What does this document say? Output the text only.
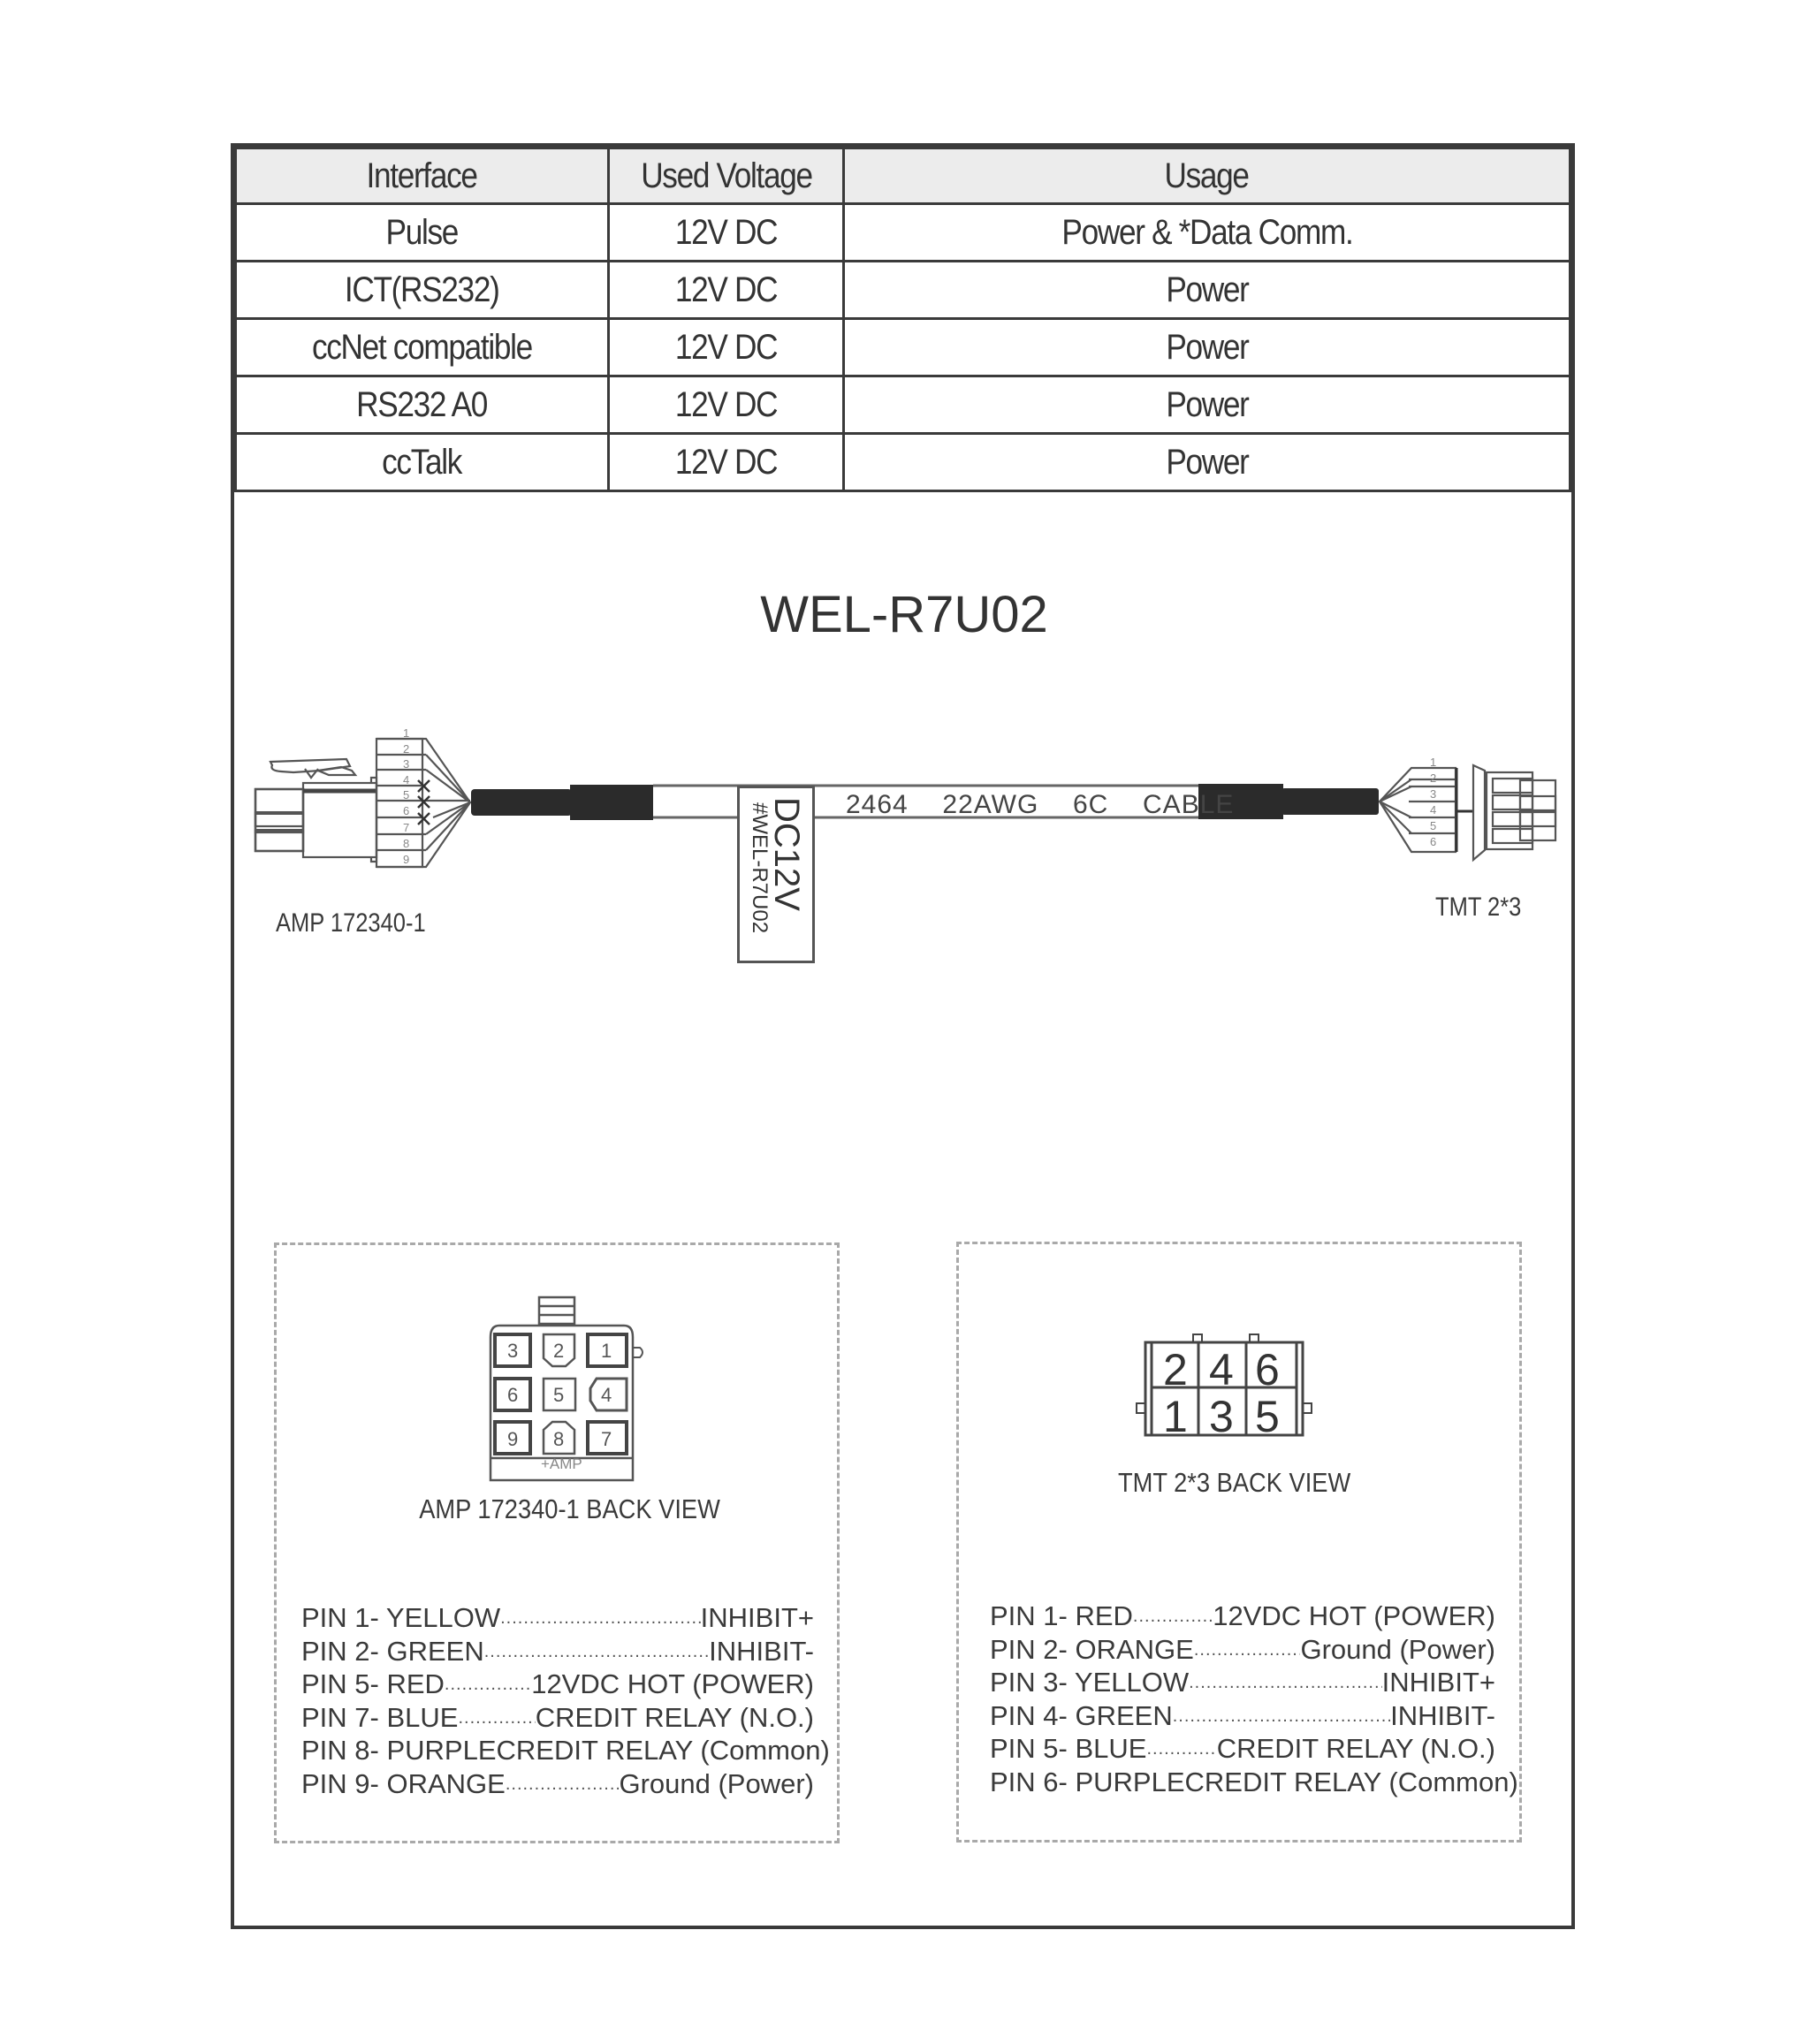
Interface	Used Voltage	Usage
Pulse	12V DC	Power & *Data Comm.
ICT(RS232)	12V DC	Power
ccNet compatible	12V DC	Power
RS232 A0	12V DC	Power
ccTalk	12V DC	Power
WEL-R7U02
1
2
3
4
5
6
7
8
9
1
2
3
4
5
6
3 2 1
6 5 4
9 8 7
+AMP
2 4 6
1 3 5
2464  22AWG  6C  CABLE
DC12V
#WEL-R7U02
AMP 172340-1
TMT 2*3
AMP 172340-1 BACK VIEW
PIN 1- YELLOW .....	INHIBIT+
PIN 2- GREEN .....	INHIBIT-
PIN 5- RED .....	12VDC HOT (POWER)
PIN 7- BLUE .....	CREDIT RELAY (N.O.)
PIN 8- PURPLE CREDIT RELAY (Common)
PIN 9- ORANGE .....	Ground (Power)
TMT 2*3 BACK VIEW
PIN 1- RED .....	12VDC HOT (POWER)
PIN 2- ORANGE .....	Ground (Power)
PIN 3- YELLOW .....	INHIBIT+
PIN 4- GREEN .....	INHIBIT-
PIN 5- BLUE .....	CREDIT RELAY (N.O.)
PIN 6- PURPLE CREDIT RELAY (Common)
